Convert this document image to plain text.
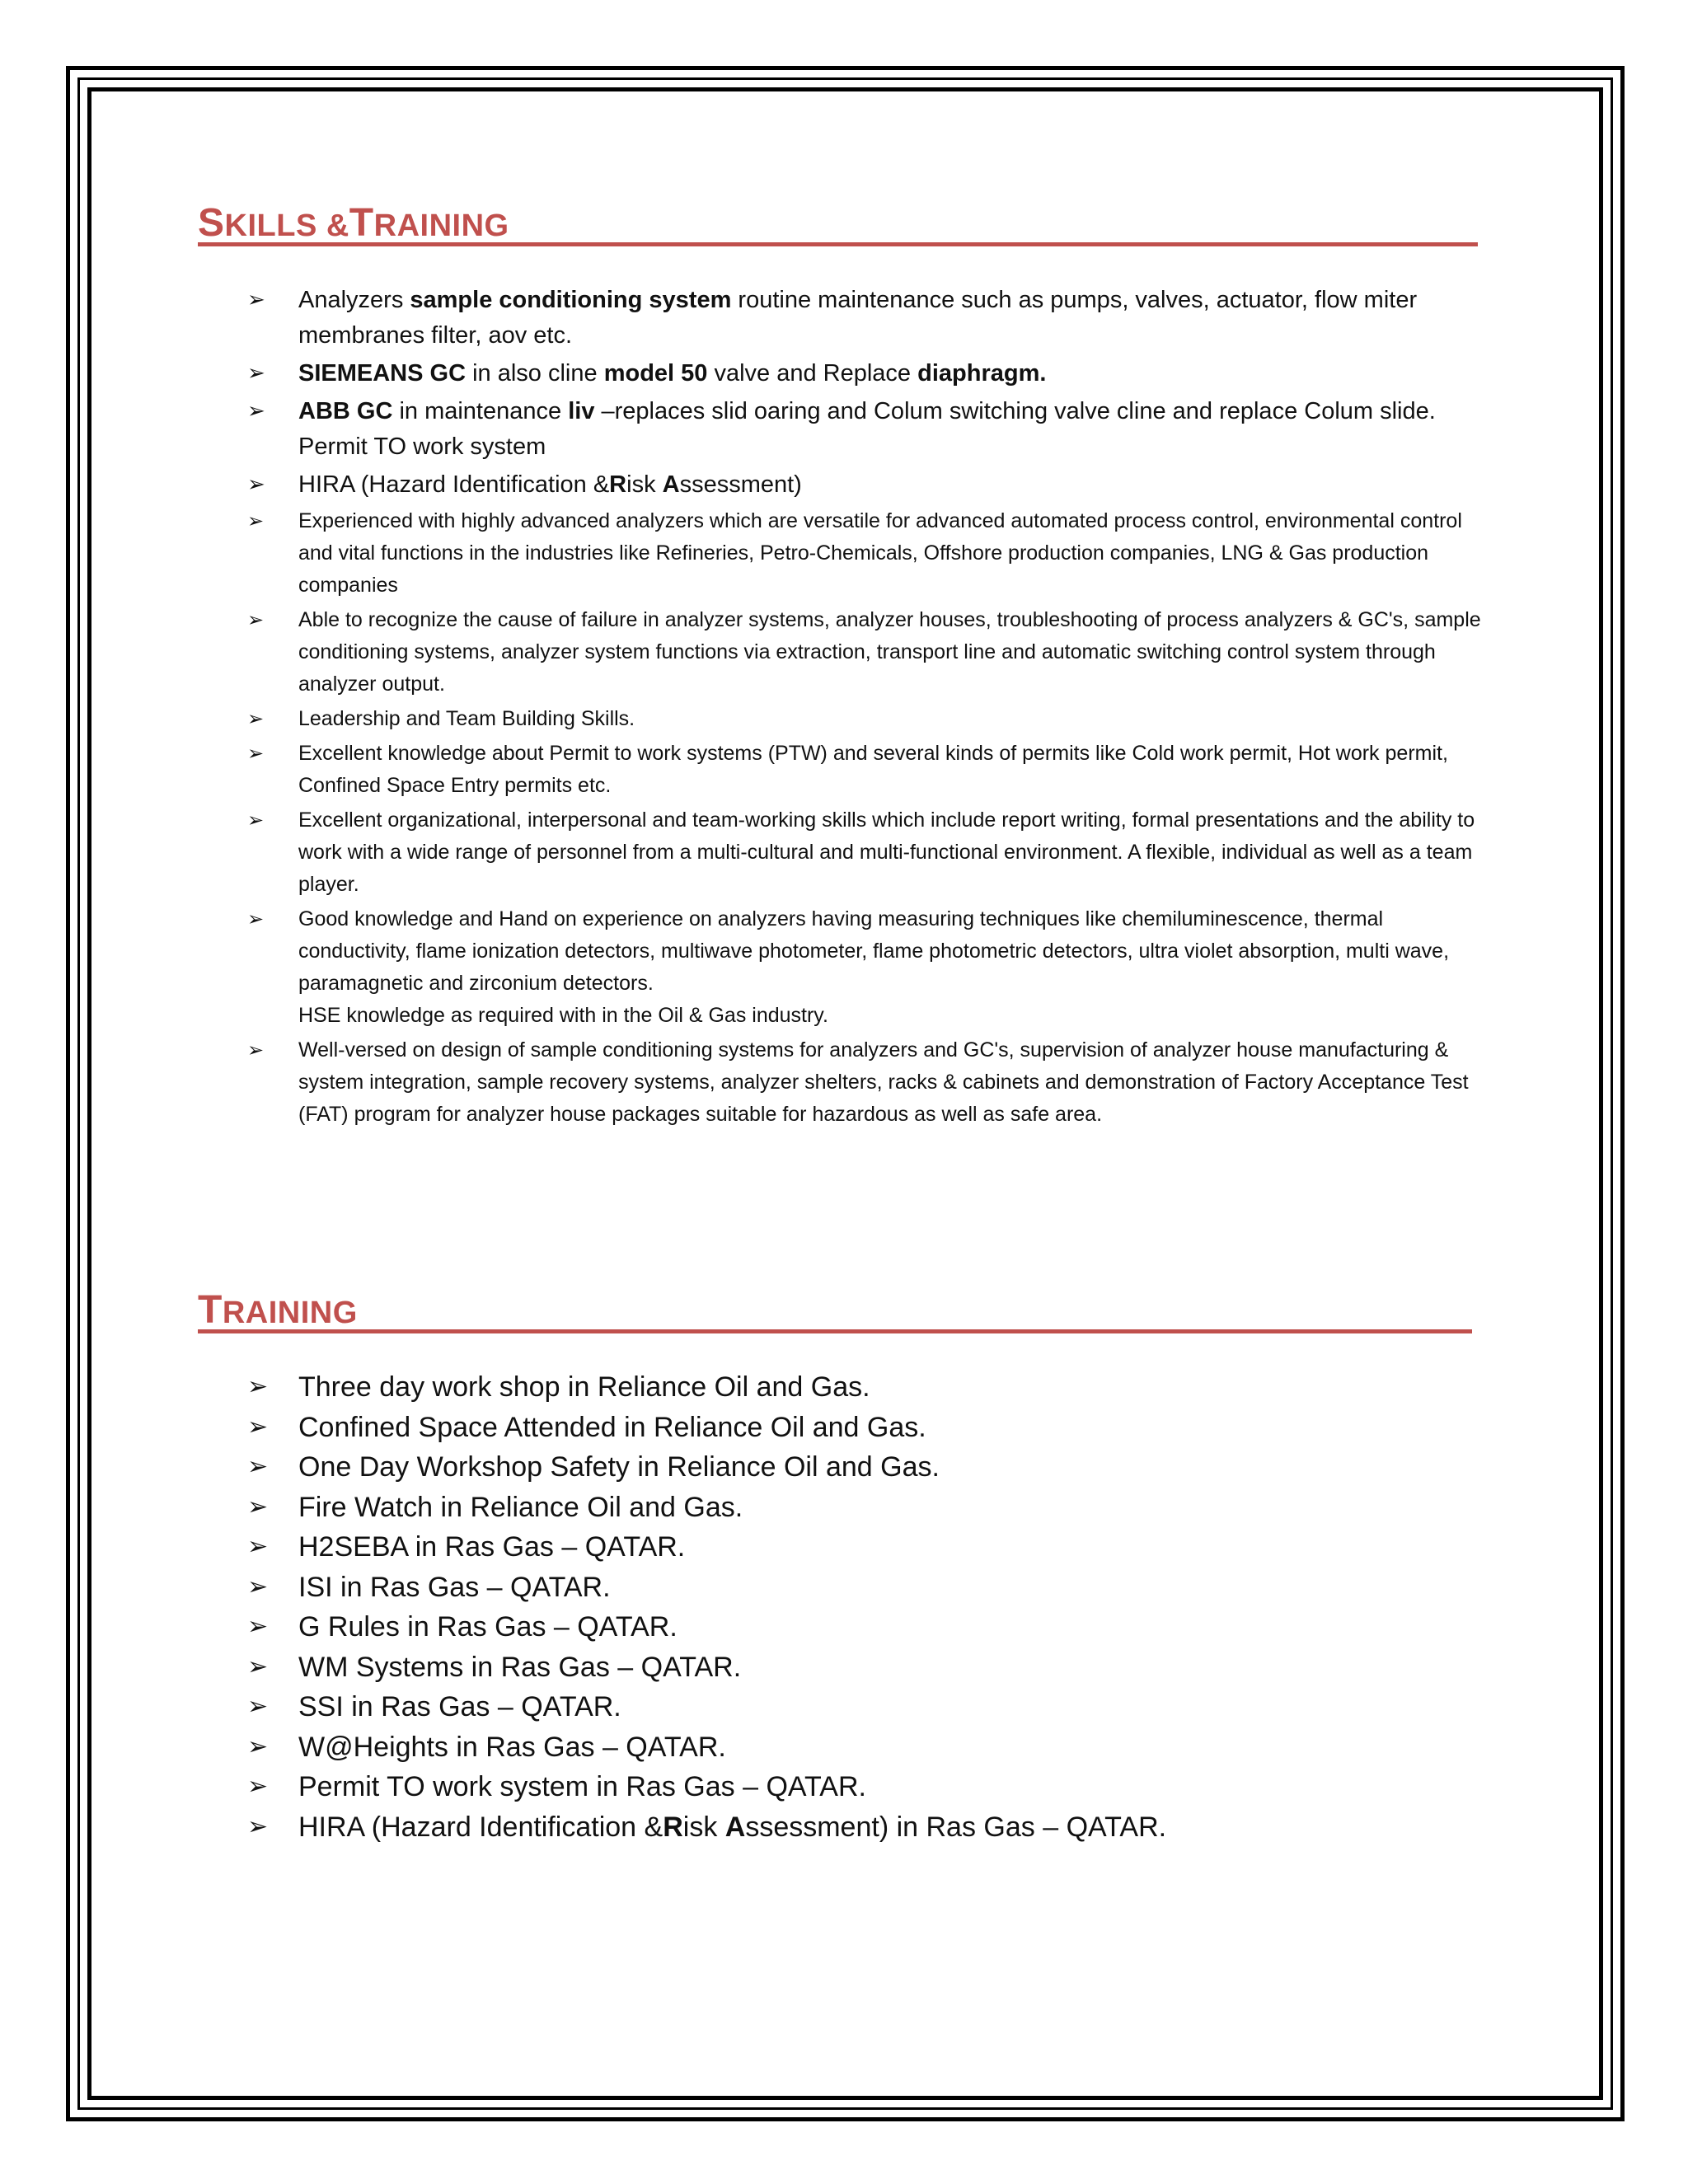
SKILLS &TRAINING
➢ Analyzers sample conditioning system routine maintenance such as pumps, valves, actuator, flow miter membranes filter, aov etc.
➢ SIEMEANS GC in also cline model 50 valve and Replace diaphragm.
➢ ABB GC in maintenance liv –replaces slid oaring and Colum switching valve cline and replace Colum slide. Permit TO work system
➢ HIRA (Hazard Identification &Risk Assessment)
➢ Experienced with highly advanced analyzers which are versatile for advanced automated process control, environmental control and vital functions in the industries like Refineries, Petro-Chemicals, Offshore production companies, LNG & Gas production companies
➢ Able to recognize the cause of failure in analyzer systems, analyzer houses, troubleshooting of process analyzers & GC's, sample conditioning systems, analyzer system functions via extraction, transport line and automatic switching control system through analyzer output.
➢ Leadership and Team Building Skills.
➢ Excellent knowledge about Permit to work systems (PTW) and several kinds of permits like Cold work permit, Hot work permit, Confined Space Entry permits etc.
➢ Excellent organizational, interpersonal and team-working skills which include report writing, formal presentations and the ability to work with a wide range of personnel from a multi-cultural and multi-functional environment. A flexible, individual as well as a team player.
➢ Good knowledge and Hand on experience on analyzers having measuring techniques like chemiluminescence, thermal conductivity, flame ionization detectors, multiwave photometer, flame photometric detectors, ultra violet absorption, multi wave, paramagnetic and zirconium detectors.
HSE knowledge as required with in the Oil & Gas industry.
➢ Well-versed on design of sample conditioning systems for analyzers and GC's, supervision of analyzer house manufacturing & system integration, sample recovery systems, analyzer shelters, racks & cabinets and demonstration of Factory Acceptance Test (FAT) program for analyzer house packages suitable for hazardous as well as safe area.
TRAINING
➢ Three day work shop in Reliance Oil and Gas.
➢ Confined Space Attended in Reliance Oil and Gas.
➢ One Day Workshop Safety in Reliance Oil and Gas.
➢ Fire Watch in Reliance Oil and Gas.
➢ H2SEBA in Ras Gas – QATAR.
➢ ISI in Ras Gas – QATAR.
➢ G Rules in Ras Gas – QATAR.
➢ WM Systems in Ras Gas – QATAR.
➢ SSI in Ras Gas – QATAR.
➢ W@Heights in Ras Gas – QATAR.
➢ Permit TO work system in Ras Gas – QATAR.
➢ HIRA (Hazard Identification &Risk Assessment) in Ras Gas – QATAR.
